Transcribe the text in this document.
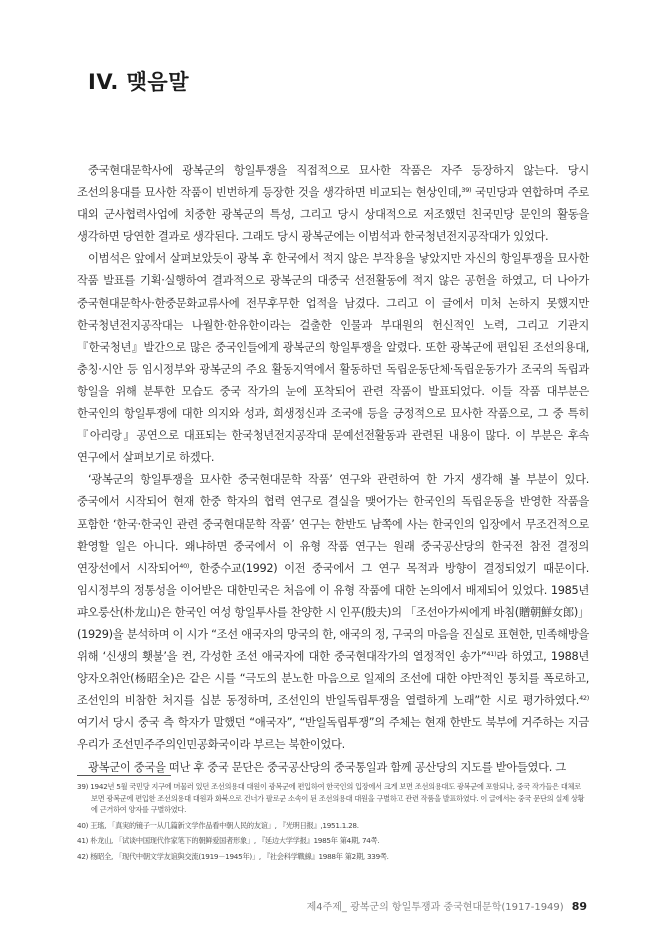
IV. 맺음말

중국현대문학사에 광복군의 항일투쟁을 직접적으로 묘사한 작품은 자주 등장하지 않는다. 당시 조선의용대를 묘사한 작품이 빈번하게 등장한 것을 생각하면 비교되는 현상인데,$^{39)}$ 국민당과 연합하며 주로 대외 군사협력사업에 치중한 광복군의 특성, 그리고 당시 상대적으로 저조했던 친국민당 문인의 활동을 생각하면 당연한 결과로 생각된다. 그래도 당시 광복군에는 이범석과 한국청년전지공작대가 있었다.

이범석은 앞에서 살펴보았듯이 광복 후 한국에서 적지 않은 부작용을 낳았지만 자신의 항일투쟁을 묘사한 작품 발표를 기획·실행하여 결과적으로 광복군의 대중국 선전활동에 적지 않은 공헌을 하였고, 더 나아가 중국현대문학사·한중문화교류사에 전무후무한 업적을 남겼다. 그리고 이 글에서 미처 논하지 못했지만 한국청년전지공작대는 나월한·한유한이라는 걸출한 인물과 부대원의 헌신적인 노력, 그리고 기관지 『한국청년』발간으로 많은 중국인들에게 광복군의 항일투쟁을 알렸다. 또한 광복군에 편입된 조선의용대, 충칭·시안 등 임시정부와 광복군의 주요 활동지역에서 활동하던 독립운동단체·독립운동가가 조국의 독립과 항일을 위해 분투한 모습도 중국 작가의 눈에 포착되어 관련 작품이 발표되었다. 이들 작품 대부분은 한국인의 항일투쟁에 대한 의지와 성과, 희생정신과 조국애 등을 긍정적으로 묘사한 작품으로, 그 중 특히 『아리랑』공연으로 대표되는 한국청년전지공작대 문예선전활동과 관련된 내용이 많다. 이 부분은 후속 연구에서 살펴보기로 하겠다.

‘광복군의 항일투쟁을 묘사한 중국현대문학 작품’ 연구와 관련하여 한 가지 생각해 볼 부분이 있다. 중국에서 시작되어 현재 한중 학자의 협력 연구로 결실을 맺어가는 한국인의 독립운동을 반영한 작품을 포함한 ‘한국·한국인 관련 중국현대문학 작품’ 연구는 한반도 남쪽에 사는 한국인의 입장에서 무조건적으로 환영할 일은 아니다. 왜냐하면 중국에서 이 유형 작품 연구는 원래 중국공산당의 한국전 참전 결정의 연장선에서 시작되어$^{40)}$, 한중수교(1992) 이전 중국에서 그 연구 목적과 방향이 결정되었기 때문이다. 임시정부의 정통성을 이어받은 대한민국은 처음에 이 유형 작품에 대한 논의에서 배제되어 있었다. 1985년 퍄오룽산(朴龙山)은 한국인 여성 항일투사를 찬양한 시 인푸(殷夫)의 「조선아가씨에게 바침(贈朝鮮女郎)」(1929)을 분석하며 이 시가 “조선 애국자의 망국의 한, 애국의 정, 구국의 마음을 진실로 표현한, 민족해방을 위해 ‘신생의 횃불’을 켠, 각성한 조선 애국자에 대한 중국현대작가의 열정적인 송가”$^{41)}$라 하였고, 1988년 양자오취안(杨昭全)은 같은 시를 “극도의 분노한 마음으로 일제의 조선에 대한 야만적인 통치를 폭로하고, 조선인의 비참한 처지를 십분 동정하며, 조선인의 반일독립투쟁을 열렬하게 노래”한 시로 평가하였다.$^{42)}$ 여기서 당시 중국 측 학자가 말했던 “애국자”, “반일독립투쟁”의 주체는 현재 한반도 북부에 거주하는 지금 우리가 조선민주주의인민공화국이라 부르는 북한이었다.

광복군이 중국을 떠난 후 중국 문단은 중국공산당의 중국통일과 함께 공산당의 지도를 받아들였다. 그

39) 1942년 5월 국민당 지구에 머물러 있던 조선의용대 대원이 광복군에 편입하여 한국인의 입장에서 크게 보면 조선의용대도 광복군에 포함되나, 중국 작가들은 대체로 보면 광복군에 편입한 조선의용대 대원과 화북으로 건너가 팔로군 소속이 된 조선의용대 대원을 구별하고 관련 작품을 발표하였다. 이 글에서는 중국 문단의 실제 상황에 근거하여 양자를 구별하였다.
40) 王瑤, 「真実的镜子一从几篇新文学作品看中朝人民的友谊」, 『光明日报』,1951.1.28.
41) 朴龙山, 「试谈中国现代作家笔下的朝鲜爱国者形象」, 『延边大学学报』1985年 第4期, 74쪽.
42) 杨昭全, 「现代中朝文学友谊與交流(1919－1945年)」, 『社会科学戰線』1988年 第2期, 339쪽.
제4주제_ 광복군의 항일투쟁과 중국현대문학(1917-1949) 89
